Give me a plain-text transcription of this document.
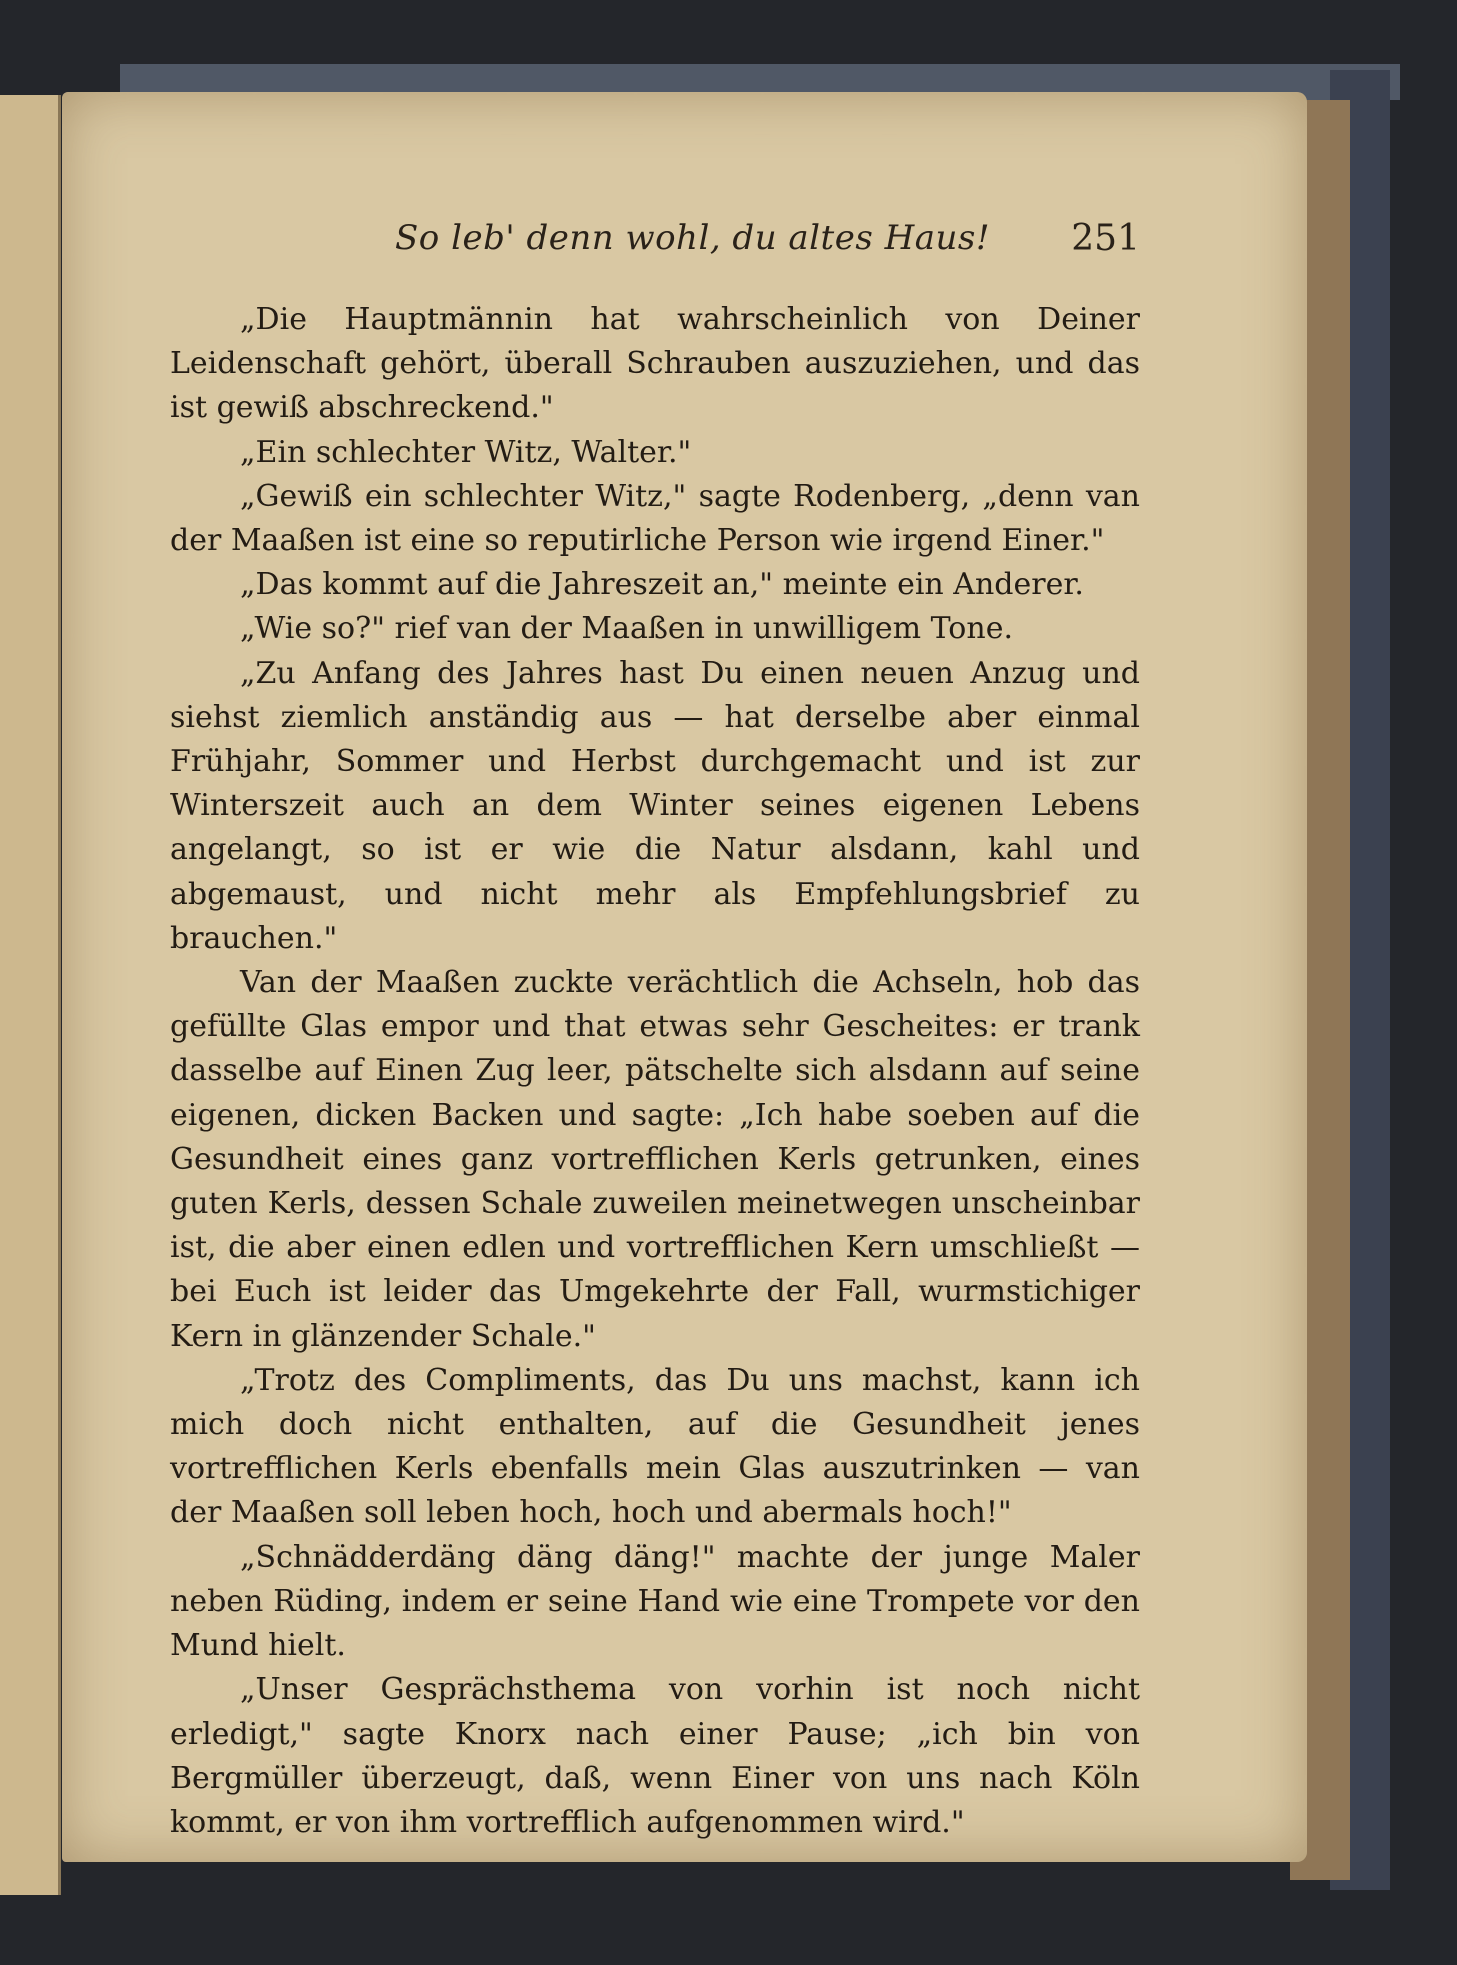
So leb' denn wohl, du altes Haus! 251

„Die Hauptmännin hat wahrscheinlich von Deiner Leidenschaft gehört, überall Schrauben auszuziehen, und das ist gewiß abschreckend."

„Ein schlechter Witz, Walter."

„Gewiß ein schlechter Witz," sagte Rodenberg, „denn van der Maaßen ist eine so reputirliche Person wie irgend Einer."

„Das kommt auf die Jahreszeit an," meinte ein Anderer.

„Wie so?" rief van der Maaßen in unwilligem Tone.

„Zu Anfang des Jahres hast Du einen neuen Anzug und siehst ziemlich anständig aus — hat derselbe aber einmal Frühjahr, Sommer und Herbst durchgemacht und ist zur Winterszeit auch an dem Winter seines eigenen Lebens angelangt, so ist er wie die Natur alsdann, kahl und abgemaust, und nicht mehr als Empfehlungsbrief zu brauchen."

Van der Maaßen zuckte verächtlich die Achseln, hob das gefüllte Glas empor und that etwas sehr Gescheites: er trank dasselbe auf Einen Zug leer, pätschelte sich alsdann auf seine eigenen, dicken Backen und sagte: „Ich habe soeben auf die Gesundheit eines ganz vortrefflichen Kerls getrunken, eines guten Kerls, dessen Schale zuweilen meinetwegen unscheinbar ist, die aber einen edlen und vortrefflichen Kern umschließt — bei Euch ist leider das Umgekehrte der Fall, wurmstichiger Kern in glänzender Schale."

„Trotz des Compliments, das Du uns machst, kann ich mich doch nicht enthalten, auf die Gesundheit jenes vortrefflichen Kerls ebenfalls mein Glas auszutrinken — van der Maaßen soll leben hoch, hoch und abermals hoch!"

„Schnädderdäng däng däng!" machte der junge Maler neben Rüding, indem er seine Hand wie eine Trompete vor den Mund hielt.

„Unser Gesprächsthema von vorhin ist noch nicht erledigt," sagte Knorx nach einer Pause; „ich bin von Bergmüller überzeugt, daß, wenn Einer von uns nach Köln kommt, er von ihm vortrefflich aufgenommen wird."
